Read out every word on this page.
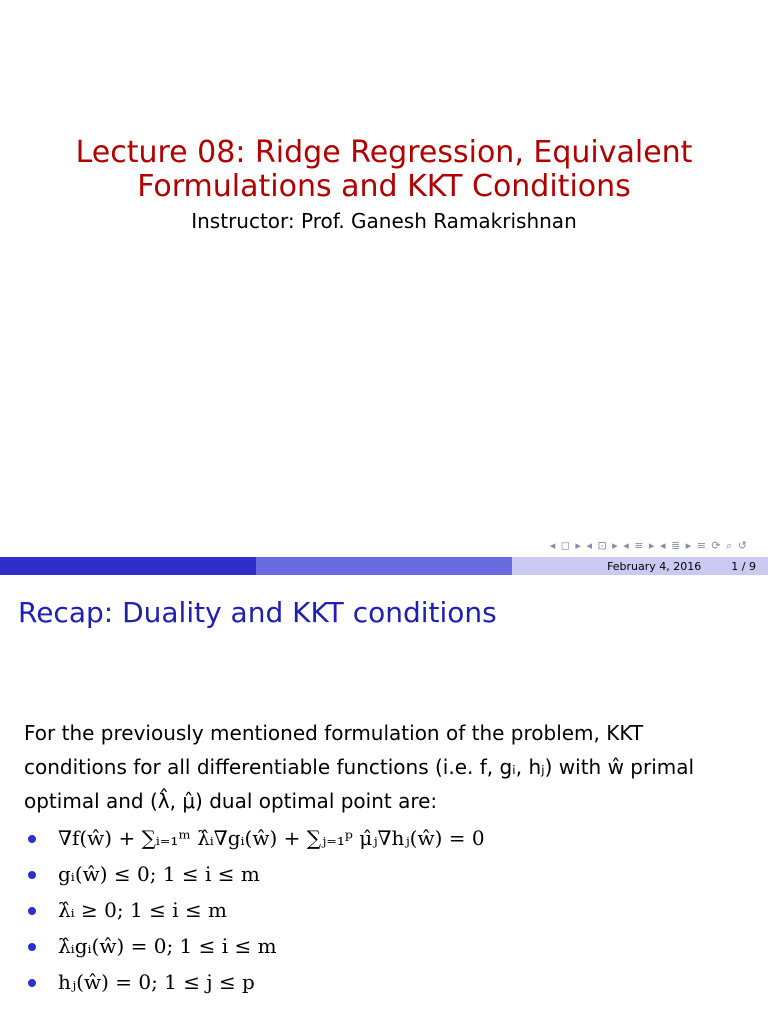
Lecture 08: Ridge Regression, Equivalent
Formulations and KKT Conditions
Instructor: Prof. Ganesh Ramakrishnan
◂ ◻ ▸ ◂ ⊡ ▸ ◂ ≡ ▸ ◂ ≣ ▸ ≡ ⟳ ⌕ ↺
February 4, 2016	1 / 9
Recap: Duality and KKT conditions
For the previously mentioned formulation of the problem, KKT
conditions for all differentiable functions (i.e. f, gᵢ, hⱼ) with ŵ primal
optimal and (λ̂, μ̂) dual optimal point are:
∇f(ŵ) + ∑ᵢ₌₁ᵐ λ̂ᵢ∇gᵢ(ŵ) + ∑ⱼ₌₁ᵖ μ̂ⱼ∇hⱼ(ŵ) = 0
gᵢ(ŵ) ≤ 0; 1 ≤ i ≤ m
λ̂ᵢ ≥ 0; 1 ≤ i ≤ m
λ̂ᵢgᵢ(ŵ) = 0; 1 ≤ i ≤ m
hⱼ(ŵ) = 0; 1 ≤ j ≤ p
